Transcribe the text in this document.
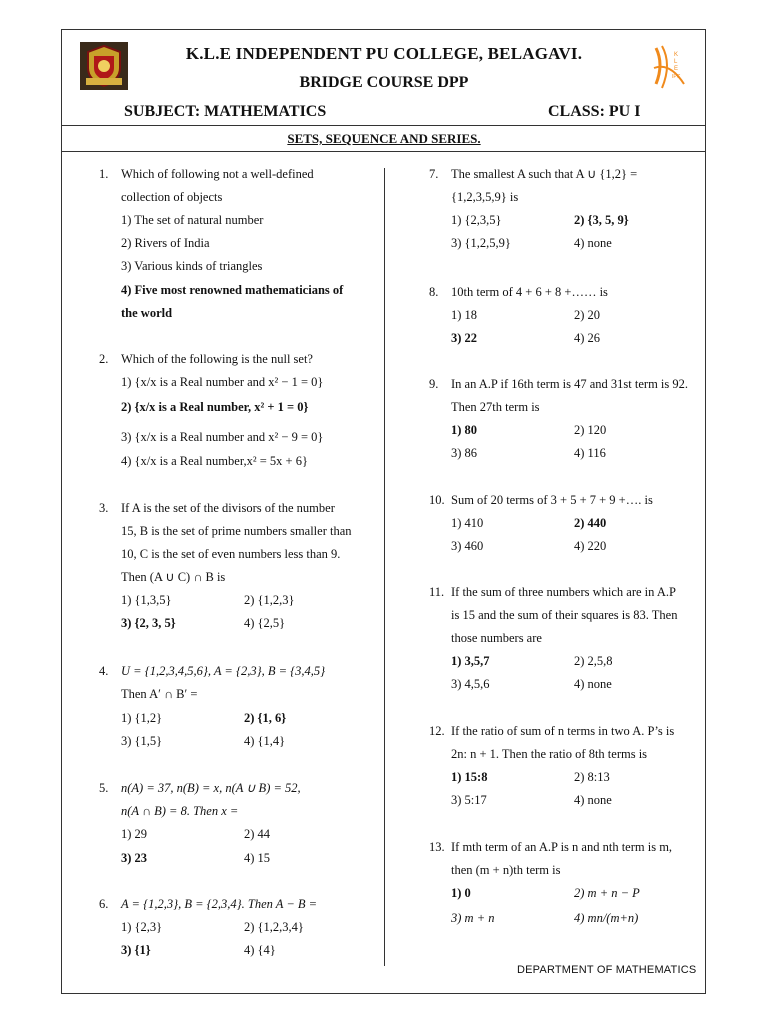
K
L
E
IPC
K.L.E INDEPENDENT PU COLLEGE, BELAGAVI.
BRIDGE COURSE DPP
SUBJECT: MATHEMATICS	CLASS: PU I
SETS, SEQUENCE AND SERIES.
1. Which of following not a well-defined
collection of objects
1) The set of natural number
2) Rivers of India
3) Various kinds of triangles
4) Five most renowned mathematicians of
the world
2. Which of the following is the null set?
1) {x/x is a Real number and x² − 1 = 0}
2) {x/x is a Real number, x² + 1 = 0}
3) {x/x is a Real number and x² − 9 = 0}
4) {x/x is a Real number,x² = 5x + 6}
3. If A is the set of the divisors of the number
15, B is the set of prime numbers smaller than
10, C is the set of even numbers less than 9.
Then (A ∪ C) ∩ B is
1) {1,3,5}	2) {1,2,3}
3) {2, 3, 5}	4) {2,5}
4. U = {1,2,3,4,5,6}, A = {2,3}, B = {3,4,5}
Then A′ ∩ B′ =
1) {1,2}	2) {1, 6}
3) {1,5}	4) {1,4}
5. n(A) = 37, n(B) = x, n(A ∪ B) = 52,
n(A ∩ B) = 8. Then x =
1) 29	2) 44
3) 23	4) 15
6. A = {1,2,3}, B = {2,3,4}. Then A − B =
1) {2,3}	2) {1,2,3,4}
3) {1}	4) {4}
7. The smallest A such that A ∪ {1,2} =
{1,2,3,5,9} is
1) {2,3,5}	2) {3, 5, 9}
3) {1,2,5,9}	4) none
8. 10th term of 4 + 6 + 8 +…… is
1) 18	2) 20
3) 22	4) 26
9. In an A.P if 16th term is 47 and 31st term is 92.
Then 27th term is
1) 80	2) 120
3) 86	4) 116
10. Sum of 20 terms of 3 + 5 + 7 + 9 +…. is
1) 410	2) 440
3) 460	4) 220
11. If the sum of three numbers which are in A.P
is 15 and the sum of their squares is 83. Then
those numbers are
1) 3,5,7	2) 2,5,8
3) 4,5,6	4) none
12. If the ratio of sum of n terms in two A. P’s is
2n: n + 1. Then the ratio of 8th terms is
1) 15:8	2) 8:13
3) 5:17	4) none
13. If mth term of an A.P is n and nth term is m,
then (m + n)th term is
1) 0	2) m + n − P
3) m + n	4) mn/(m+n)
DEPARTMENT OF MATHEMATICS
